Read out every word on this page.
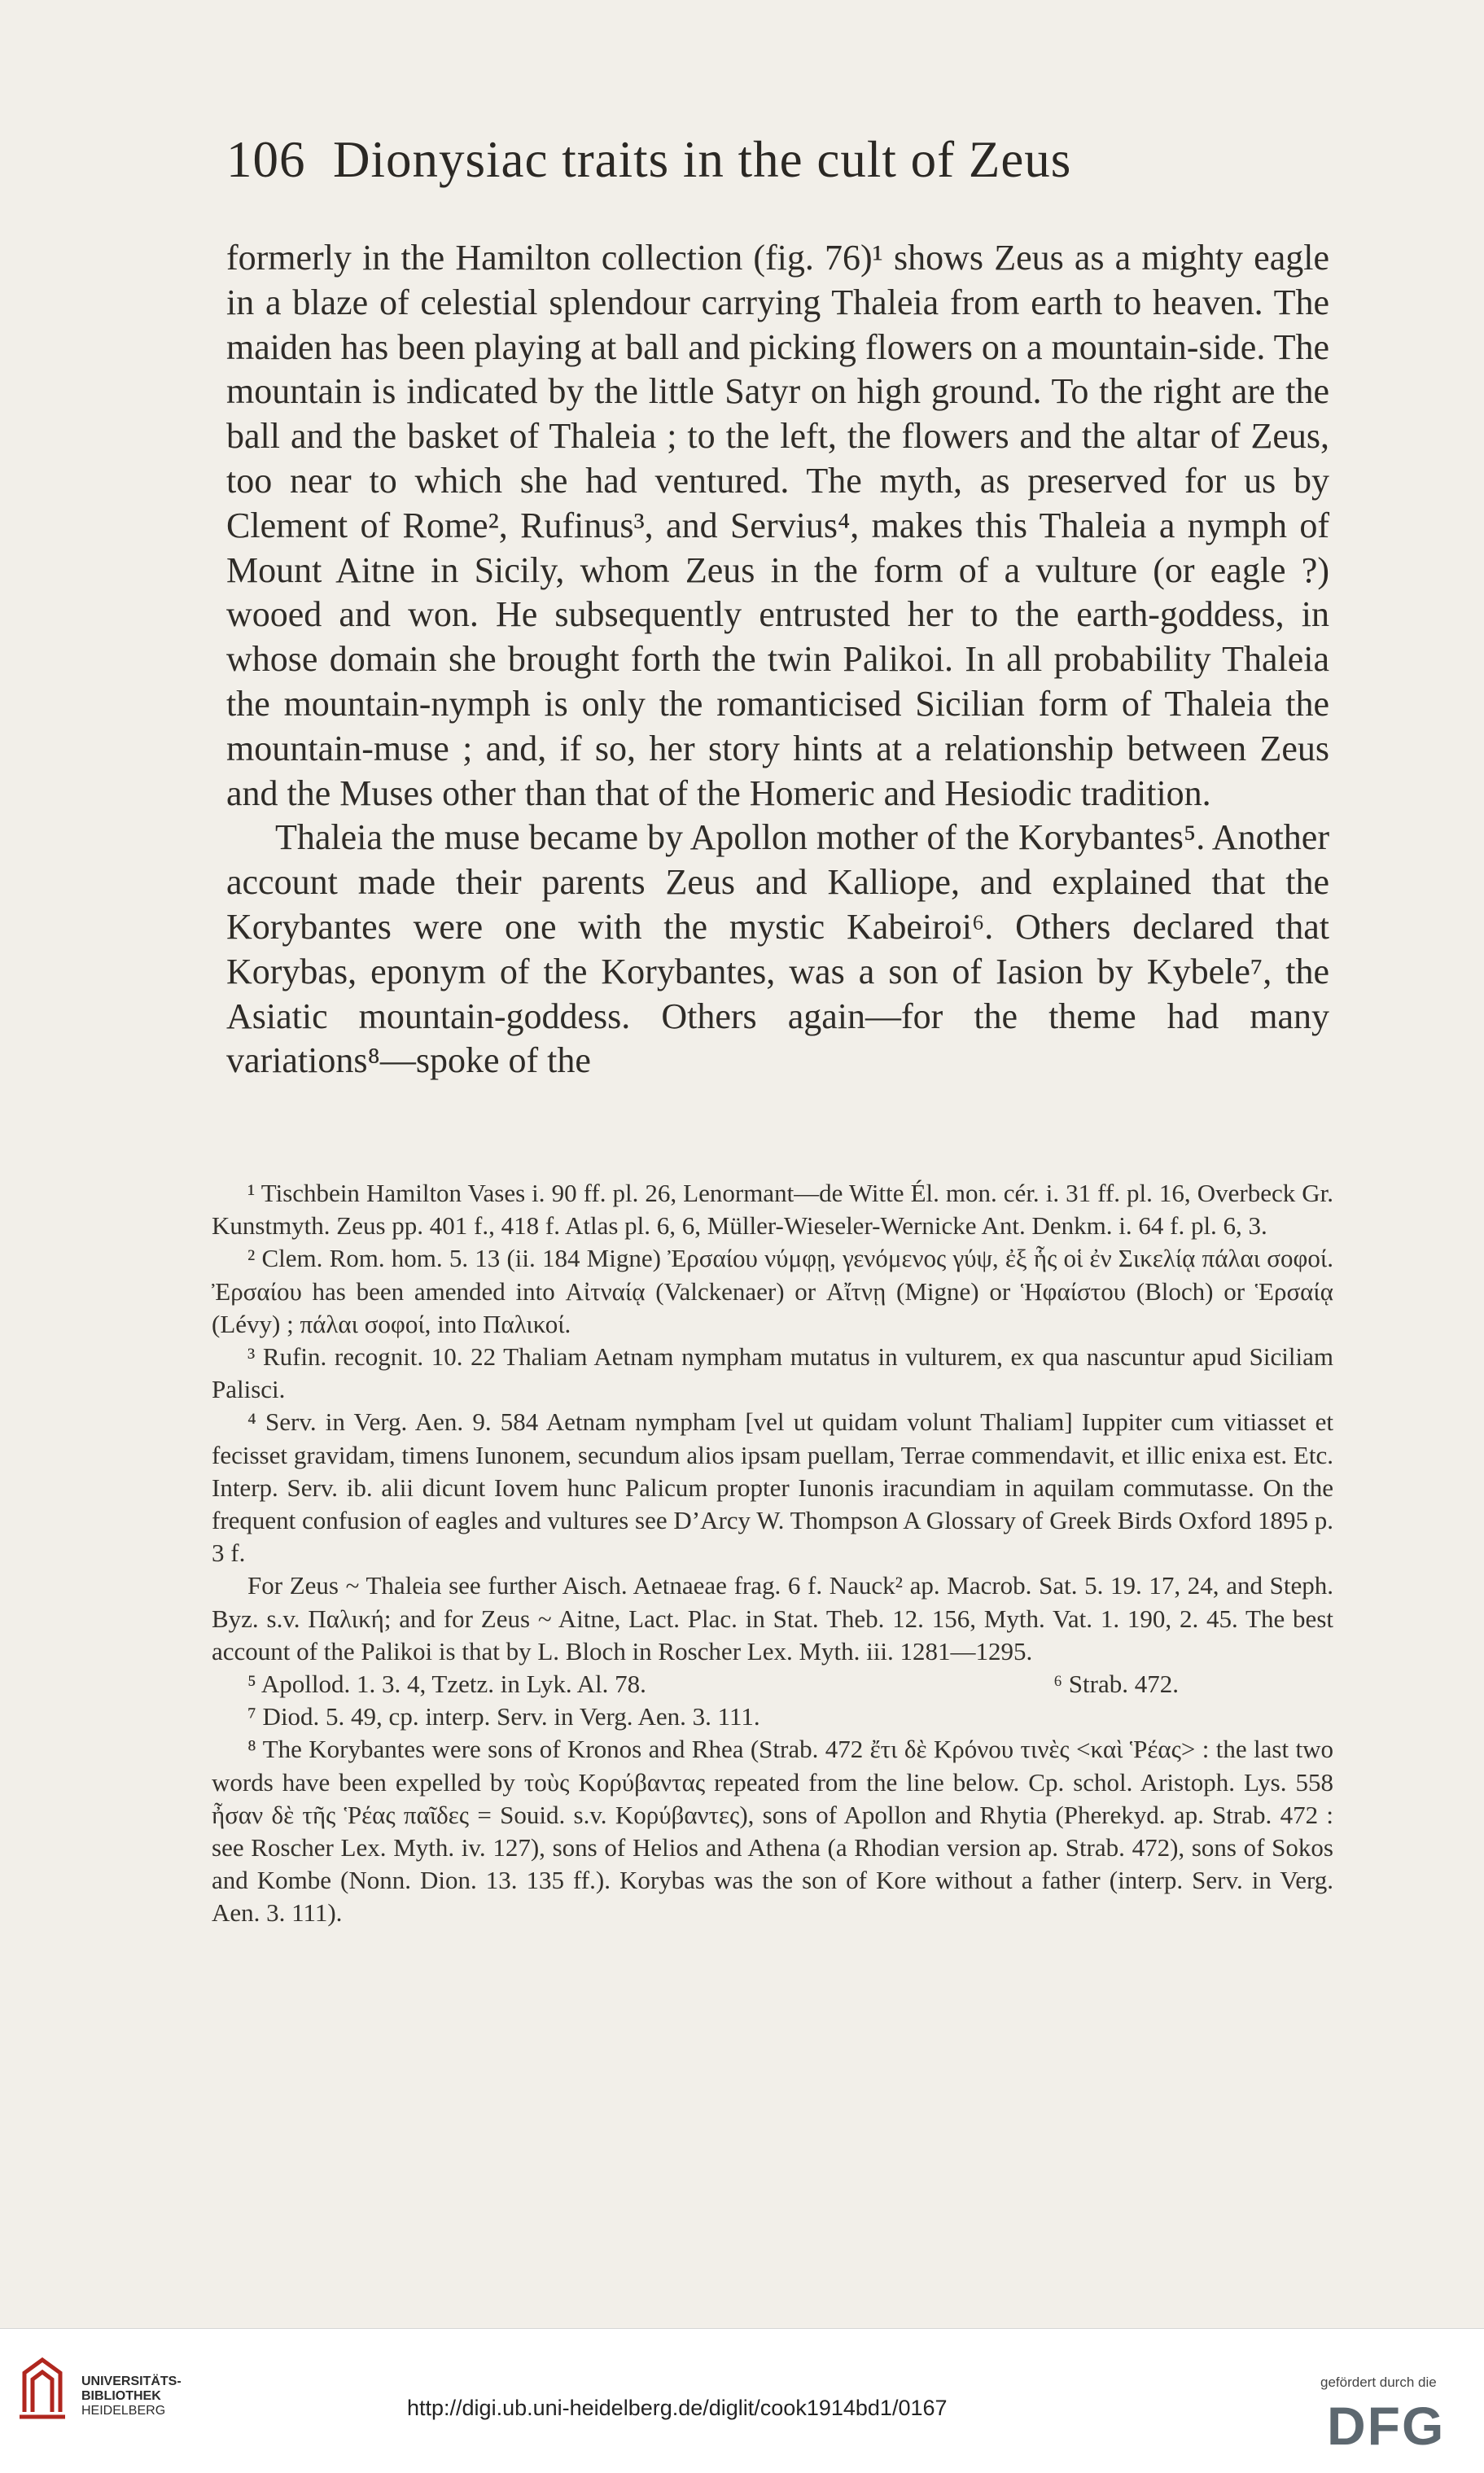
106 Dionysiac traits in the cult of Zeus

formerly in the Hamilton collection (fig. 76)¹ shows Zeus as a mighty eagle in a blaze of celestial splendour carrying Thaleia from earth to heaven. The maiden has been playing at ball and picking flowers on a mountain-side. The mountain is indicated by the little Satyr on high ground. To the right are the ball and the basket of Thaleia ; to the left, the flowers and the altar of Zeus, too near to which she had ventured. The myth, as preserved for us by Clement of Rome², Rufinus³, and Servius⁴, makes this Thaleia a nymph of Mount Aitne in Sicily, whom Zeus in the form of a vulture (or eagle ?) wooed and won. He subsequently entrusted her to the earth-goddess, in whose domain she brought forth the twin Palikoi. In all probability Thaleia the mountain-nymph is only the romanticised Sicilian form of Thaleia the mountain-muse ; and, if so, her story hints at a relationship between Zeus and the Muses other than that of the Homeric and Hesiodic tradition.

Thaleia the muse became by Apollon mother of the Korybantes⁵. Another account made their parents Zeus and Kalliope, and explained that the Korybantes were one with the mystic Kabeiroi⁶. Others declared that Korybas, eponym of the Korybantes, was a son of Iasion by Kybele⁷, the Asiatic mountain-goddess. Others again—for the theme had many variations⁸—spoke of the

¹ Tischbein Hamilton Vases i. 90 ff. pl. 26, Lenormant—de Witte Él. mon. cér. i. 31 ff. pl. 16, Overbeck Gr. Kunstmyth. Zeus pp. 401 f., 418 f. Atlas pl. 6, 6, Müller-Wieseler-Wernicke Ant. Denkm. i. 64 f. pl. 6, 3.

² Clem. Rom. hom. 5. 13 (ii. 184 Migne) Ἐρσαίου νύμφῃ, γενόμενος γύψ, ἐξ ἧς οἱ ἐν Σικελίᾳ πάλαι σοφοί. Ἐρσαίου has been amended into Αἰτναίᾳ (Valckenaer) or Αἴτνῃ (Migne) or Ἡφαίστου (Bloch) or Ἑρσαίᾳ (Lévy) ; πάλαι σοφοί, into Παλικοί.

³ Rufin. recognit. 10. 22 Thaliam Aetnam nympham mutatus in vulturem, ex qua nascuntur apud Siciliam Palisci.

⁴ Serv. in Verg. Aen. 9. 584 Aetnam nympham [vel ut quidam volunt Thaliam] Iuppiter cum vitiasset et fecisset gravidam, timens Iunonem, secundum alios ipsam puellam, Terrae commendavit, et illic enixa est. Etc. Interp. Serv. ib. alii dicunt Iovem hunc Palicum propter Iunonis iracundiam in aquilam commutasse. On the frequent confusion of eagles and vultures see D’Arcy W. Thompson A Glossary of Greek Birds Oxford 1895 p. 3 f.

For Zeus ~ Thaleia see further Aisch. Aetnaeae frag. 6 f. Nauck² ap. Macrob. Sat. 5. 19. 17, 24, and Steph. Byz. s.v. Παλική; and for Zeus ~ Aitne, Lact. Plac. in Stat. Theb. 12. 156, Myth. Vat. 1. 190, 2. 45. The best account of the Palikoi is that by L. Bloch in Roscher Lex. Myth. iii. 1281—1295.

⁵ Apollod. 1. 3. 4, Tzetz. in Lyk. Al. 78.	⁶ Strab. 472.

⁷ Diod. 5. 49, cp. interp. Serv. in Verg. Aen. 3. 111.

⁸ The Korybantes were sons of Kronos and Rhea (Strab. 472 ἔτι δὲ Κρόνου τινὲς <καὶ Ῥέας> : the last two words have been expelled by τοὺς Κορύβαντας repeated from the line below. Cp. schol. Aristoph. Lys. 558 ἦσαν δὲ τῆς Ῥέας παῖδες = Souid. s.v. Κορύβαντες), sons of Apollon and Rhytia (Pherekyd. ap. Strab. 472 : see Roscher Lex. Myth. iv. 127), sons of Helios and Athena (a Rhodian version ap. Strab. 472), sons of Sokos and Kombe (Nonn. Dion. 13. 135 ff.). Korybas was the son of Kore without a father (interp. Serv. in Verg. Aen. 3. 111).

UNIVERSITÄTS-
BIBLIOTHEK
HEIDELBERG	http://digi.ub.uni-heidelberg.de/diglit/cook1914bd1/0167
gefördert durch die
DFG
